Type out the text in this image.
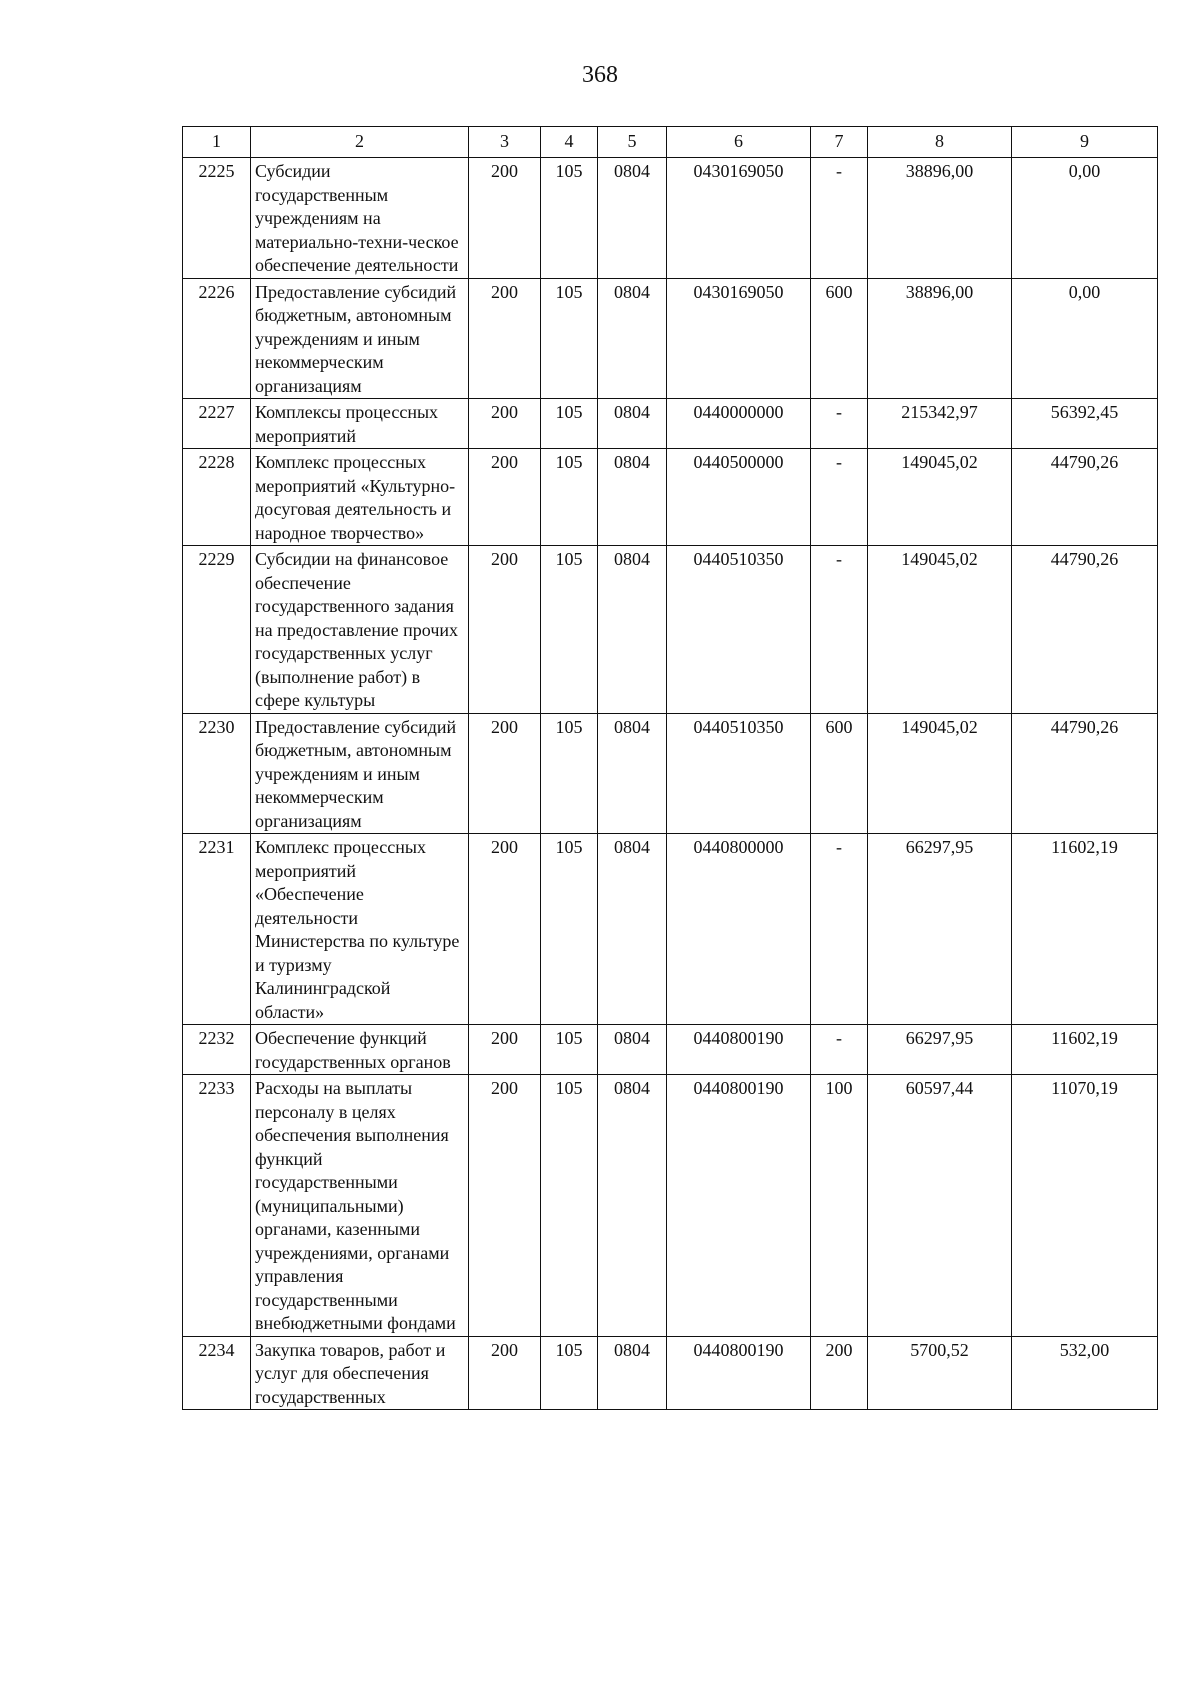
368
1	2	3	4	5	6	7	8	9
2225	Субсидии государственным учреждениям на материально-техни-ческое обеспечение деятельности	200	105	0804	0430169050	-	38896,00	0,00
2226	Предоставление субсидий бюджетным, автономным учреждениям и иным некоммерческим организациям	200	105	0804	0430169050	600	38896,00	0,00
2227	Комплексы процессных мероприятий	200	105	0804	0440000000	-	215342,97	56392,45
2228	Комплекс процессных мероприятий «Культурно-досуговая деятельность и народное творчество»	200	105	0804	0440500000	-	149045,02	44790,26
2229	Субсидии на финансовое обеспечение государственного задания на предоставление прочих государственных услуг (выполнение работ) в сфере культуры	200	105	0804	0440510350	-	149045,02	44790,26
2230	Предоставление субсидий бюджетным, автономным учреждениям и иным некоммерческим организациям	200	105	0804	0440510350	600	149045,02	44790,26
2231	Комплекс процессных мероприятий «Обеспечение деятельности Министерства по культуре и туризму Калининградской области»	200	105	0804	0440800000	-	66297,95	11602,19
2232	Обеспечение функций государственных органов	200	105	0804	0440800190	-	66297,95	11602,19
2233	Расходы на выплаты персоналу в целях обеспечения выполнения функций государственными (муниципальными) органами, казенными учреждениями, органами управления государственными внебюджетными фондами	200	105	0804	0440800190	100	60597,44	11070,19
2234	Закупка товаров, работ и услуг для обеспечения государственных	200	105	0804	0440800190	200	5700,52	532,00
